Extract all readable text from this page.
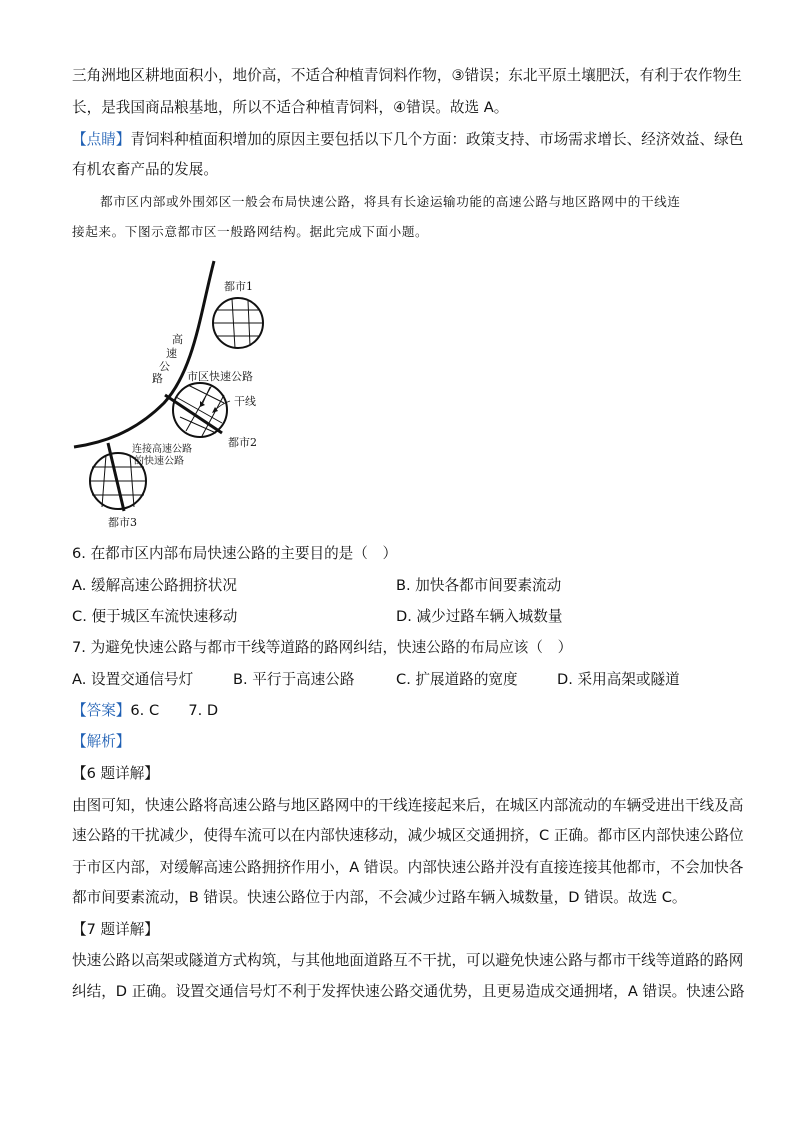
三角洲地区耕地面积小，地价高，不适合种植青饲料作物，③错误；东北平原土壤肥沃，有利于农作物生
长，是我国商品粮基地，所以不适合种植青饲料，④错误。故选 A。
【点睛】青饲料种植面积增加的原因主要包括以下几个方面：政策支持、市场需求增长、经济效益、绿色
有机农畜产品的发展。
都市区内部或外围郊区一般会布局快速公路，将具有长途运输功能的高速公路与地区路网中的干线连
接起来。下图示意都市区一般路网结构。据此完成下面小题。
都市1
都市2
都市3
市区快速公路
干线
连接高速公路
的快速公路
高 速 公 路
6. 在都市区内部布局快速公路的主要目的是（　）
A. 缓解高速公路拥挤状况	B. 加快各都市间要素流动
C. 便于城区车流快速移动	D. 减少过路车辆入城数量
7. 为避免快速公路与都市干线等道路的路网纠结，快速公路的布局应该（　）
A. 设置交通信号灯	B. 平行于高速公路	C. 扩展道路的宽度	D. 采用高架或隧道
【答案】6. C　　7. D
【解析】
【6 题详解】
由图可知，快速公路将高速公路与地区路网中的干线连接起来后，在城区内部流动的车辆受进出干线及高
速公路的干扰减少，使得车流可以在内部快速移动，减少城区交通拥挤，C 正确。都市区内部快速公路位
于市区内部，对缓解高速公路拥挤作用小，A 错误。内部快速公路并没有直接连接其他都市，不会加快各
都市间要素流动，B 错误。快速公路位于内部，不会减少过路车辆入城数量，D 错误。故选 C。
【7 题详解】
快速公路以高架或隧道方式构筑，与其他地面道路互不干扰，可以避免快速公路与都市干线等道路的路网
纠结，D 正确。设置交通信号灯不利于发挥快速公路交通优势，且更易造成交通拥堵，A 错误。快速公路
